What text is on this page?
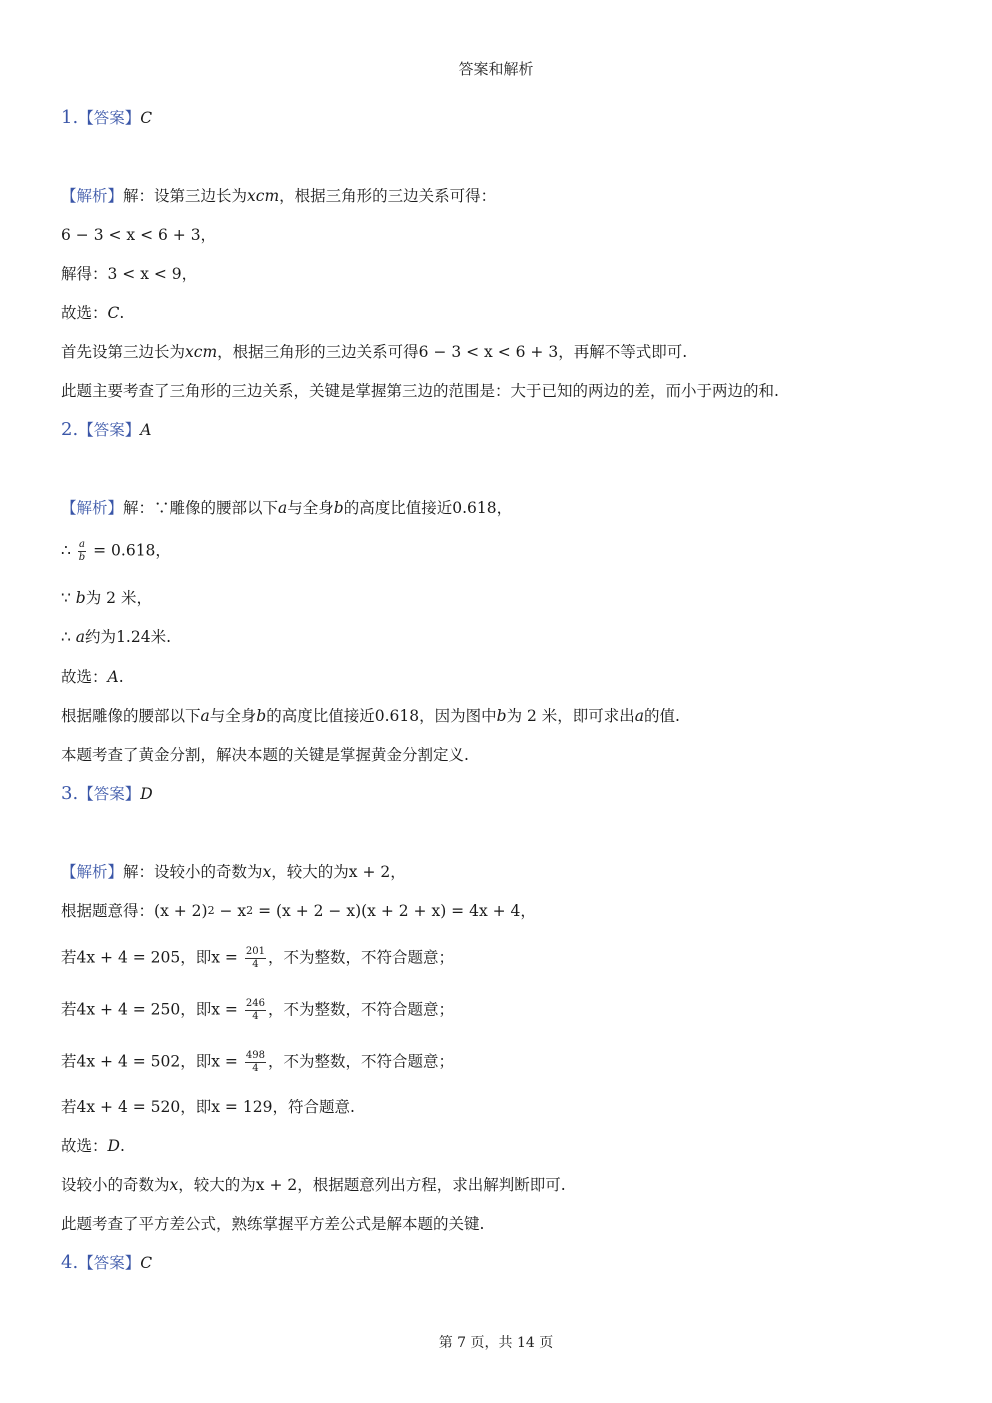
答案和解析
1.【答案】C
【解析】解：设第三边长为xcm，根据三角形的三边关系可得：
6 − 3 < x < 6 + 3，
解得：3 < x < 9，
故选：C.
首先设第三边长为xcm，根据三角形的三边关系可得6 − 3 < x < 6 + 3，再解不等式即可.
此题主要考查了三角形的三边关系，关键是掌握第三边的范围是：大于已知的两边的差，而小于两边的和.
2.【答案】A
【解析】解：∵雕像的腰部以下a与全身b的高度比值接近0.618，
∴ $\frac{a}{b} = 0.618$，
∵ b为 2 米，
∴ a约为1.24米.
故选：A.
根据雕像的腰部以下a与全身b的高度比值接近0.618，因为图中b为 2 米，即可求出a的值.
本题考查了黄金分割，解决本题的关键是掌握黄金分割定义.
3.【答案】D
【解析】解：设较小的奇数为x，较大的为x + 2，
根据题意得：(x + 2)2 − x2 = (x + 2 − x)(x + 2 + x) = 4x + 4，
若4x + 4 = 205，即$x = \frac{201}{4}$ ，不为整数，不符合题意；
若4x + 4 = 250，即$x = \frac{246}{4}$ ，不为整数，不符合题意；
若4x + 4 = 502，即$x = \frac{498}{4}$ ，不为整数，不符合题意；
若4x + 4 = 520，即x = 129，符合题意.
故选：D.
设较小的奇数为x，较大的为x + 2，根据题意列出方程，求出解判断即可.
此题考查了平方差公式，熟练掌握平方差公式是解本题的关键.
4.【答案】C
第 7 页，共 14 页
